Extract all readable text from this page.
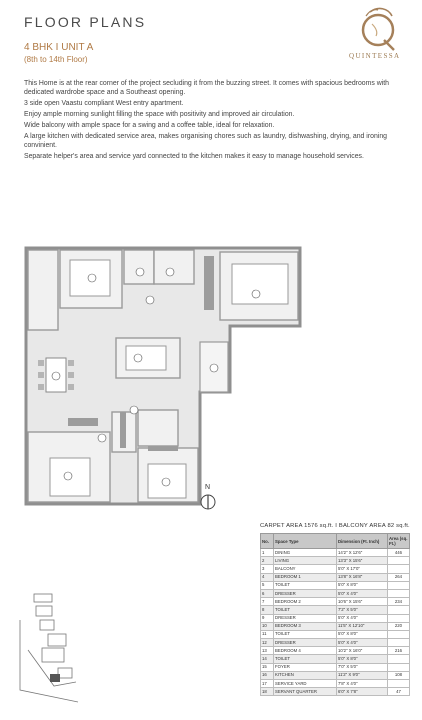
FLOOR PLANS
4 BHK I UNIT A
(8th to 14th Floor)	QUINTESSA

This Home is at the rear corner of the project secluding it from the buzzing street. It comes with spacious bedrooms with dedicated wardrobe space and a Southeast opening.

3 side open Vaastu compliant West entry apartment.

Enjoy ample morning sunlight filling the space with positivity and improved air circulation.

Wide balcony with ample space for a swing and a coffee table, ideal for relaxation.

A large kitchen with dedicated service area, makes organising chores such as laundry, dishwashing, drying, and ironing convinient.

Separate helper's area and service yard connected to the kitchen makes it easy to manage household services.

N
CARPET AREA 1576 sq.ft. I BALCONY AREA 82 sq.ft.
No.	Space Type	Dimension (Ft. Inch)	Area (sq. Ft.)
1	DINING	14'2" X 12'6"	446
2	LIVING	13'3" X 15'6"	
3	BALCONY	5'0" X 17'0"	
4	BEDROOM 1	13'8" X 16'8"	264
5	TOILET	5'0" X 8'0"	
6	DRESSER	5'0" X 4'0"	
7	BEDROOM 2	10'6" X 15'6"	234
8	TOILET	7'2" X 5'0"	
9	DRESSER	5'0" X 4'0"	
10	BEDROOM 3	11'5" X 12'10"	220
11	TOILET	5'0" X 8'0"	
12	DRESSER	5'0" X 4'0"	
13	BEDROOM 4	10'2" X 16'0"	216
14	TOILET	5'0" X 8'0"	
15	FOYER	7'0" X 5'0"	
16	KITCHEN	11'2" X 9'0"	108
17	SERVICE YARD	7'8" X 4'0"	
18	SERVANT QUARTER	6'0" X 7'8"	47
